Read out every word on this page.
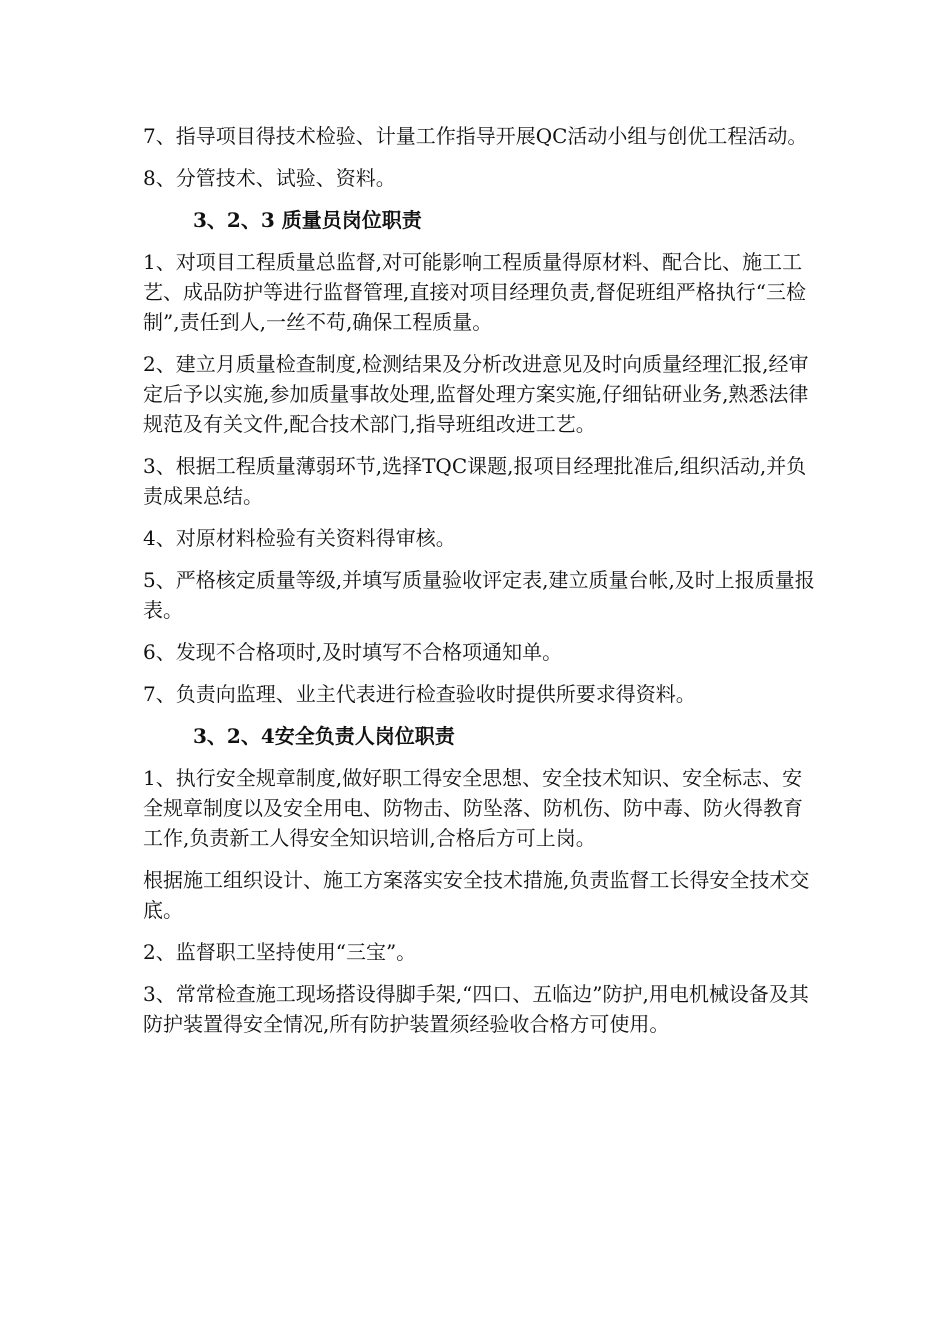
7、指导项目得技术检验、计量工作指导开展QC活动小组与创优工程活动。

8、分管技术、试验、资料。

3、2、3 质量员岗位职责

1、对项目工程质量总监督,对可能影响工程质量得原材料、配合比、施工工艺、成品防护等进行监督管理,直接对项目经理负责,督促班组严格执行“三检制”,责任到人,一丝不苟,确保工程质量。

2、建立月质量检查制度,检测结果及分析改进意见及时向质量经理汇报,经审定后予以实施,参加质量事故处理,监督处理方案实施,仔细钻研业务,熟悉法律规范及有关文件,配合技术部门,指导班组改进工艺。

3、根据工程质量薄弱环节,选择TQC课题,报项目经理批准后,组织活动,并负责成果总结。

4、对原材料检验有关资料得审核。

5、严格核定质量等级,并填写质量验收评定表,建立质量台帐,及时上报质量报表。

6、发现不合格项时,及时填写不合格项通知单。

7、负责向监理、业主代表进行检查验收时提供所要求得资料。

3、2、4安全负责人岗位职责

1、执行安全规章制度,做好职工得安全思想、安全技术知识、安全标志、安全规章制度以及安全用电、防物击、防坠落、防机伤、防中毒、防火得教育工作,负责新工人得安全知识培训,合格后方可上岗。

根据施工组织设计、施工方案落实安全技术措施,负责监督工长得安全技术交底。

2、监督职工坚持使用“三宝”。

3、常常检查施工现场搭设得脚手架,“四口、五临边”防护,用电机械设备及其防护装置得安全情况,所有防护装置须经验收合格方可使用。
